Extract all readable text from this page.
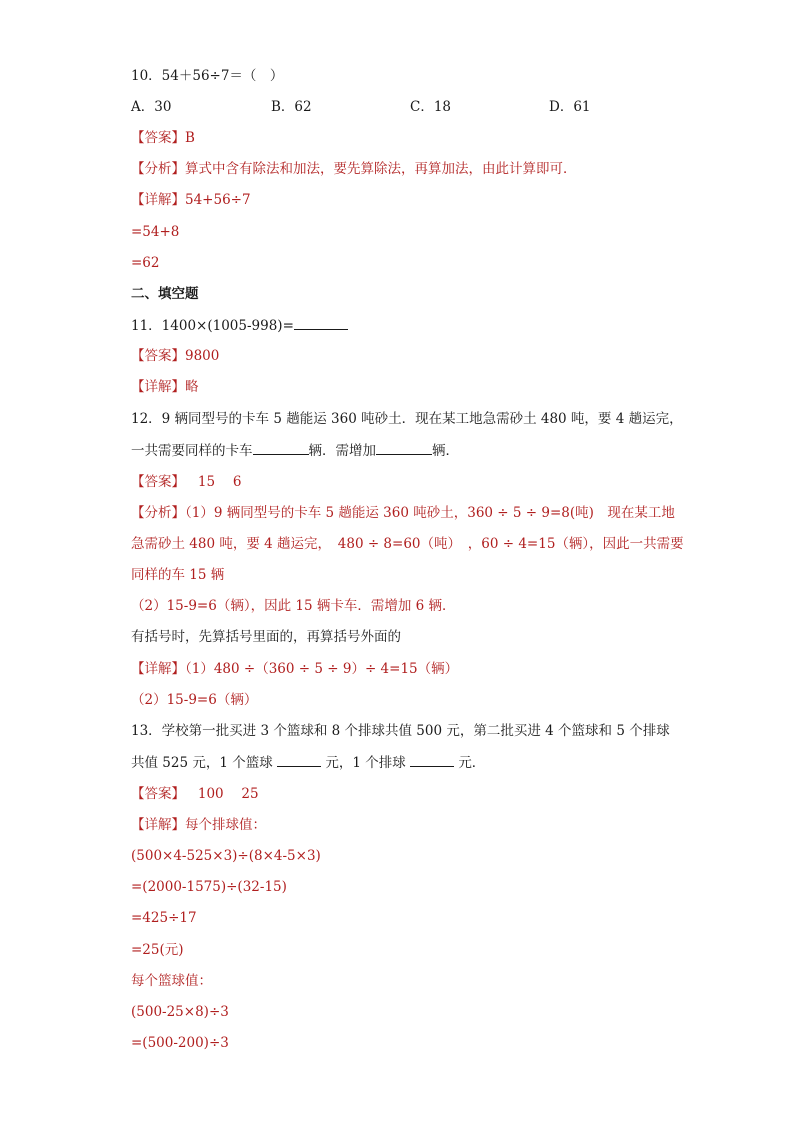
10．54＋56÷7＝（　）
A．30	B．62	C．18	D．61
【答案】B
【分析】算式中含有除法和加法，要先算除法，再算加法，由此计算即可．
【详解】54+56÷7
=54+8
=62
二、填空题
11．1400×(1005-998)=
【答案】9800
【详解】略
12．9 辆同型号的卡车 5 趟能运 360 吨砂土．现在某工地急需砂土 480 吨，要 4 趟运完，
一共需要同样的卡车	辆．需增加	辆．
【答案】 15　 6
【分析】（1）9 辆同型号的卡车 5 趟能运 360 吨砂土，360 ÷ 5 ÷ 9=8(吨)　现在某工地
急需砂土 480 吨，要 4 趟运完，　480 ÷ 8=60（吨）　，60 ÷ 4=15（辆），因此一共需要
同样的车 15 辆
（2）15-9=6（辆），因此 15 辆卡车．需增加 6 辆．
有括号时，先算括号里面的，再算括号外面的
【详解】（1）480 ÷（360 ÷ 5 ÷ 9）÷ 4=15（辆）
（2）15-9=6（辆）
13．学校第一批买进 3 个篮球和 8 个排球共值 500 元，第二批买进 4 个篮球和 5 个排球
共值 525 元，1 个篮球	元，1 个排球	元．
【答案】 100　 25
【详解】每个排球值：
(500×4-525×3)÷(8×4-5×3)
=(2000-1575)÷(32-15)
=425÷17
=25(元)
每个篮球值：
(500-25×8)÷3
=(500-200)÷3
